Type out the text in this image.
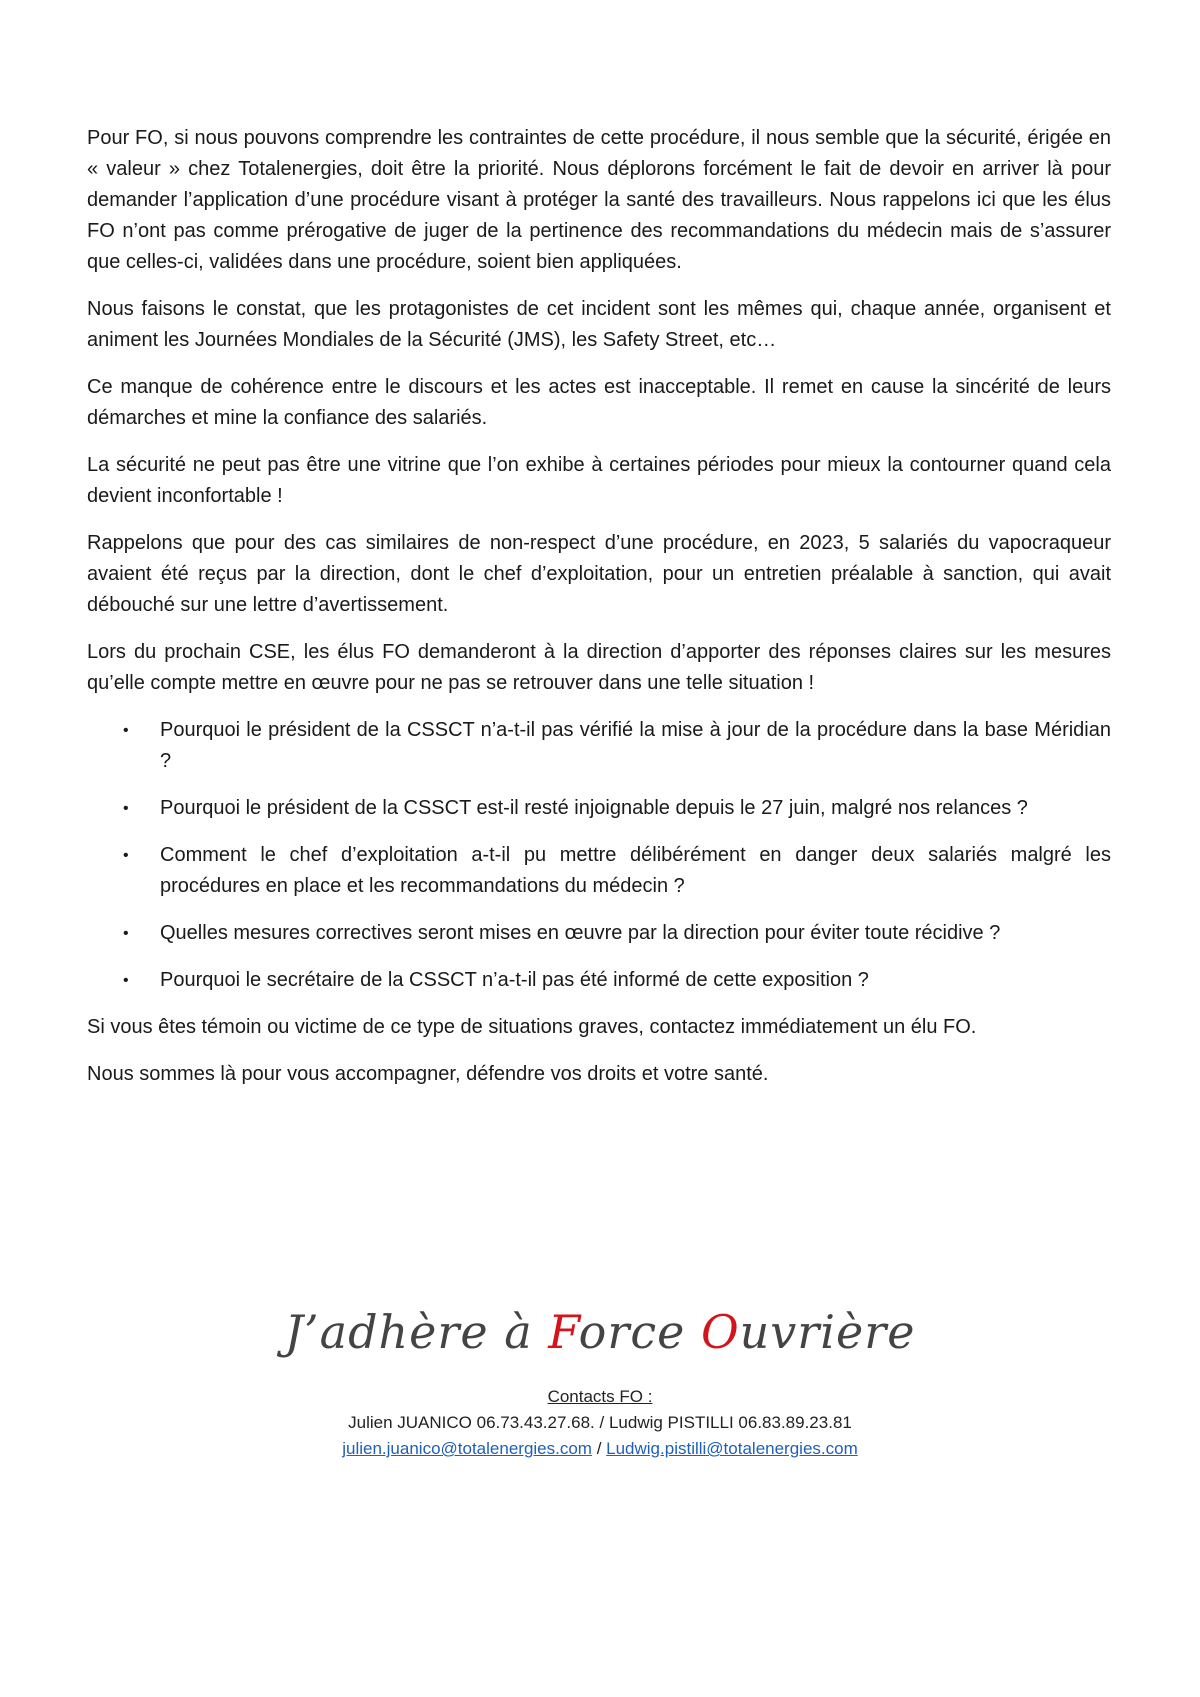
Pour FO, si nous pouvons comprendre les contraintes de cette procédure, il nous semble que la sécurité, érigée en « valeur » chez Totalenergies, doit être la priorité. Nous déplorons forcément le fait de devoir en arriver là pour demander l’application d’une procédure visant à protéger la santé des travailleurs. Nous rappelons ici que les élus FO n’ont pas comme prérogative de juger de la pertinence des recommandations du médecin mais de s’assurer que celles-ci, validées dans une procédure, soient bien appliquées.

Nous faisons le constat, que les protagonistes de cet incident sont les mêmes qui, chaque année, organisent et animent les Journées Mondiales de la Sécurité (JMS), les Safety Street, etc…

Ce manque de cohérence entre le discours et les actes est inacceptable. Il remet en cause la sincérité de leurs démarches et mine la confiance des salariés.

La sécurité ne peut pas être une vitrine que l’on exhibe à certaines périodes pour mieux la contourner quand cela devient inconfortable !

Rappelons que pour des cas similaires de non-respect d’une procédure, en 2023, 5 salariés du vapocraqueur avaient été reçus par la direction, dont le chef d’exploitation, pour un entretien préalable à sanction, qui avait débouché sur une lettre d’avertissement.

Lors du prochain CSE, les élus FO demanderont à la direction d’apporter des réponses claires sur les mesures qu’elle compte mettre en œuvre pour ne pas se retrouver dans une telle situation !

• Pourquoi le président de la CSSCT n’a-t-il pas vérifié la mise à jour de la procédure dans la base Méridian ?
• Pourquoi le président de la CSSCT est-il resté injoignable depuis le 27 juin, malgré nos relances ?
• Comment le chef d’exploitation a-t-il pu mettre délibérément en danger deux salariés malgré les procédures en place et les recommandations du médecin ?
• Quelles mesures correctives seront mises en œuvre par la direction pour éviter toute récidive ?
• Pourquoi le secrétaire de la CSSCT n’a-t-il pas été informé de cette exposition ?

Si vous êtes témoin ou victime de ce type de situations graves, contactez immédiatement un élu FO.

Nous sommes là pour vous accompagner, défendre vos droits et votre santé.

J’adhère à Force Ouvrière
Contacts FO :
Julien JUANICO 06.73.43.27.68. / Ludwig PISTILLI 06.83.89.23.81
julien.juanico@totalenergies.com / Ludwig.pistilli@totalenergies.com
